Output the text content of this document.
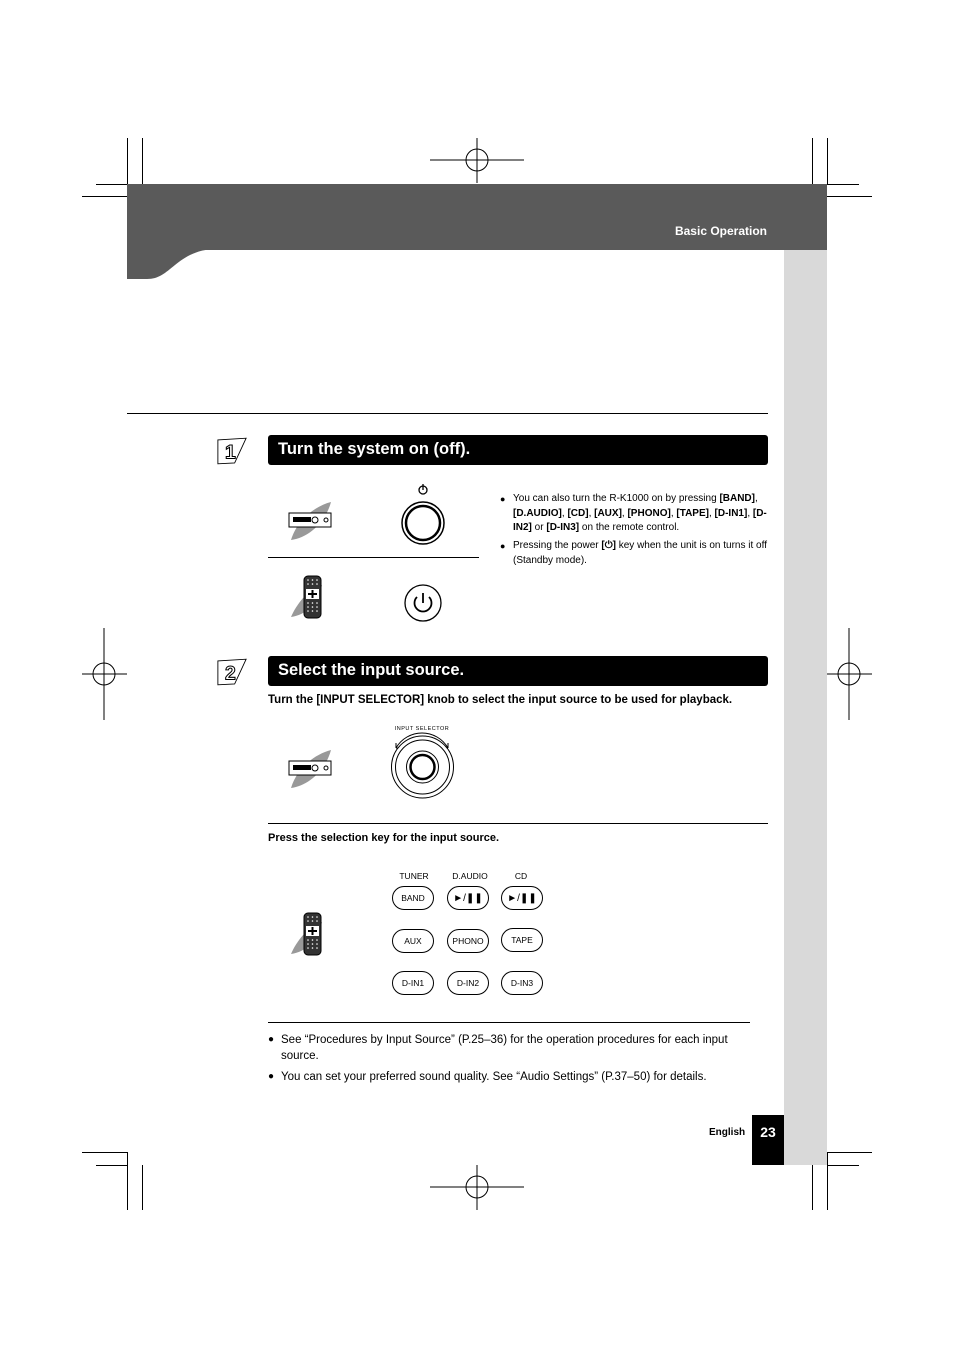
Basic Operation
1	Turn the system on (off).
● You can also turn the R-K1000 on by pressing [BAND], [D.AUDIO], [CD], [AUX], [PHONO], [TAPE], [D-IN1], [D-IN2] or [D-IN3] on the remote control.
● Pressing the power [⏻] key when the unit is on turns it off (Standby mode).
2	Select the input source.
Turn the [INPUT SELECTOR] knob to select the input source to be used for playback.
INPUT SELECTOR
Press the selection key for the input source.
TUNER	D.AUDIO	CD
BAND	►/❚❚	►/❚❚
AUX	PHONO	TAPE
D-IN1	D-IN2	D-IN3
● See “Procedures by Input Source” (P.25–36) for the operation procedures for each input source.
● You can set your preferred sound quality. See “Audio Settings” (P.37–50) for details.
English	23
